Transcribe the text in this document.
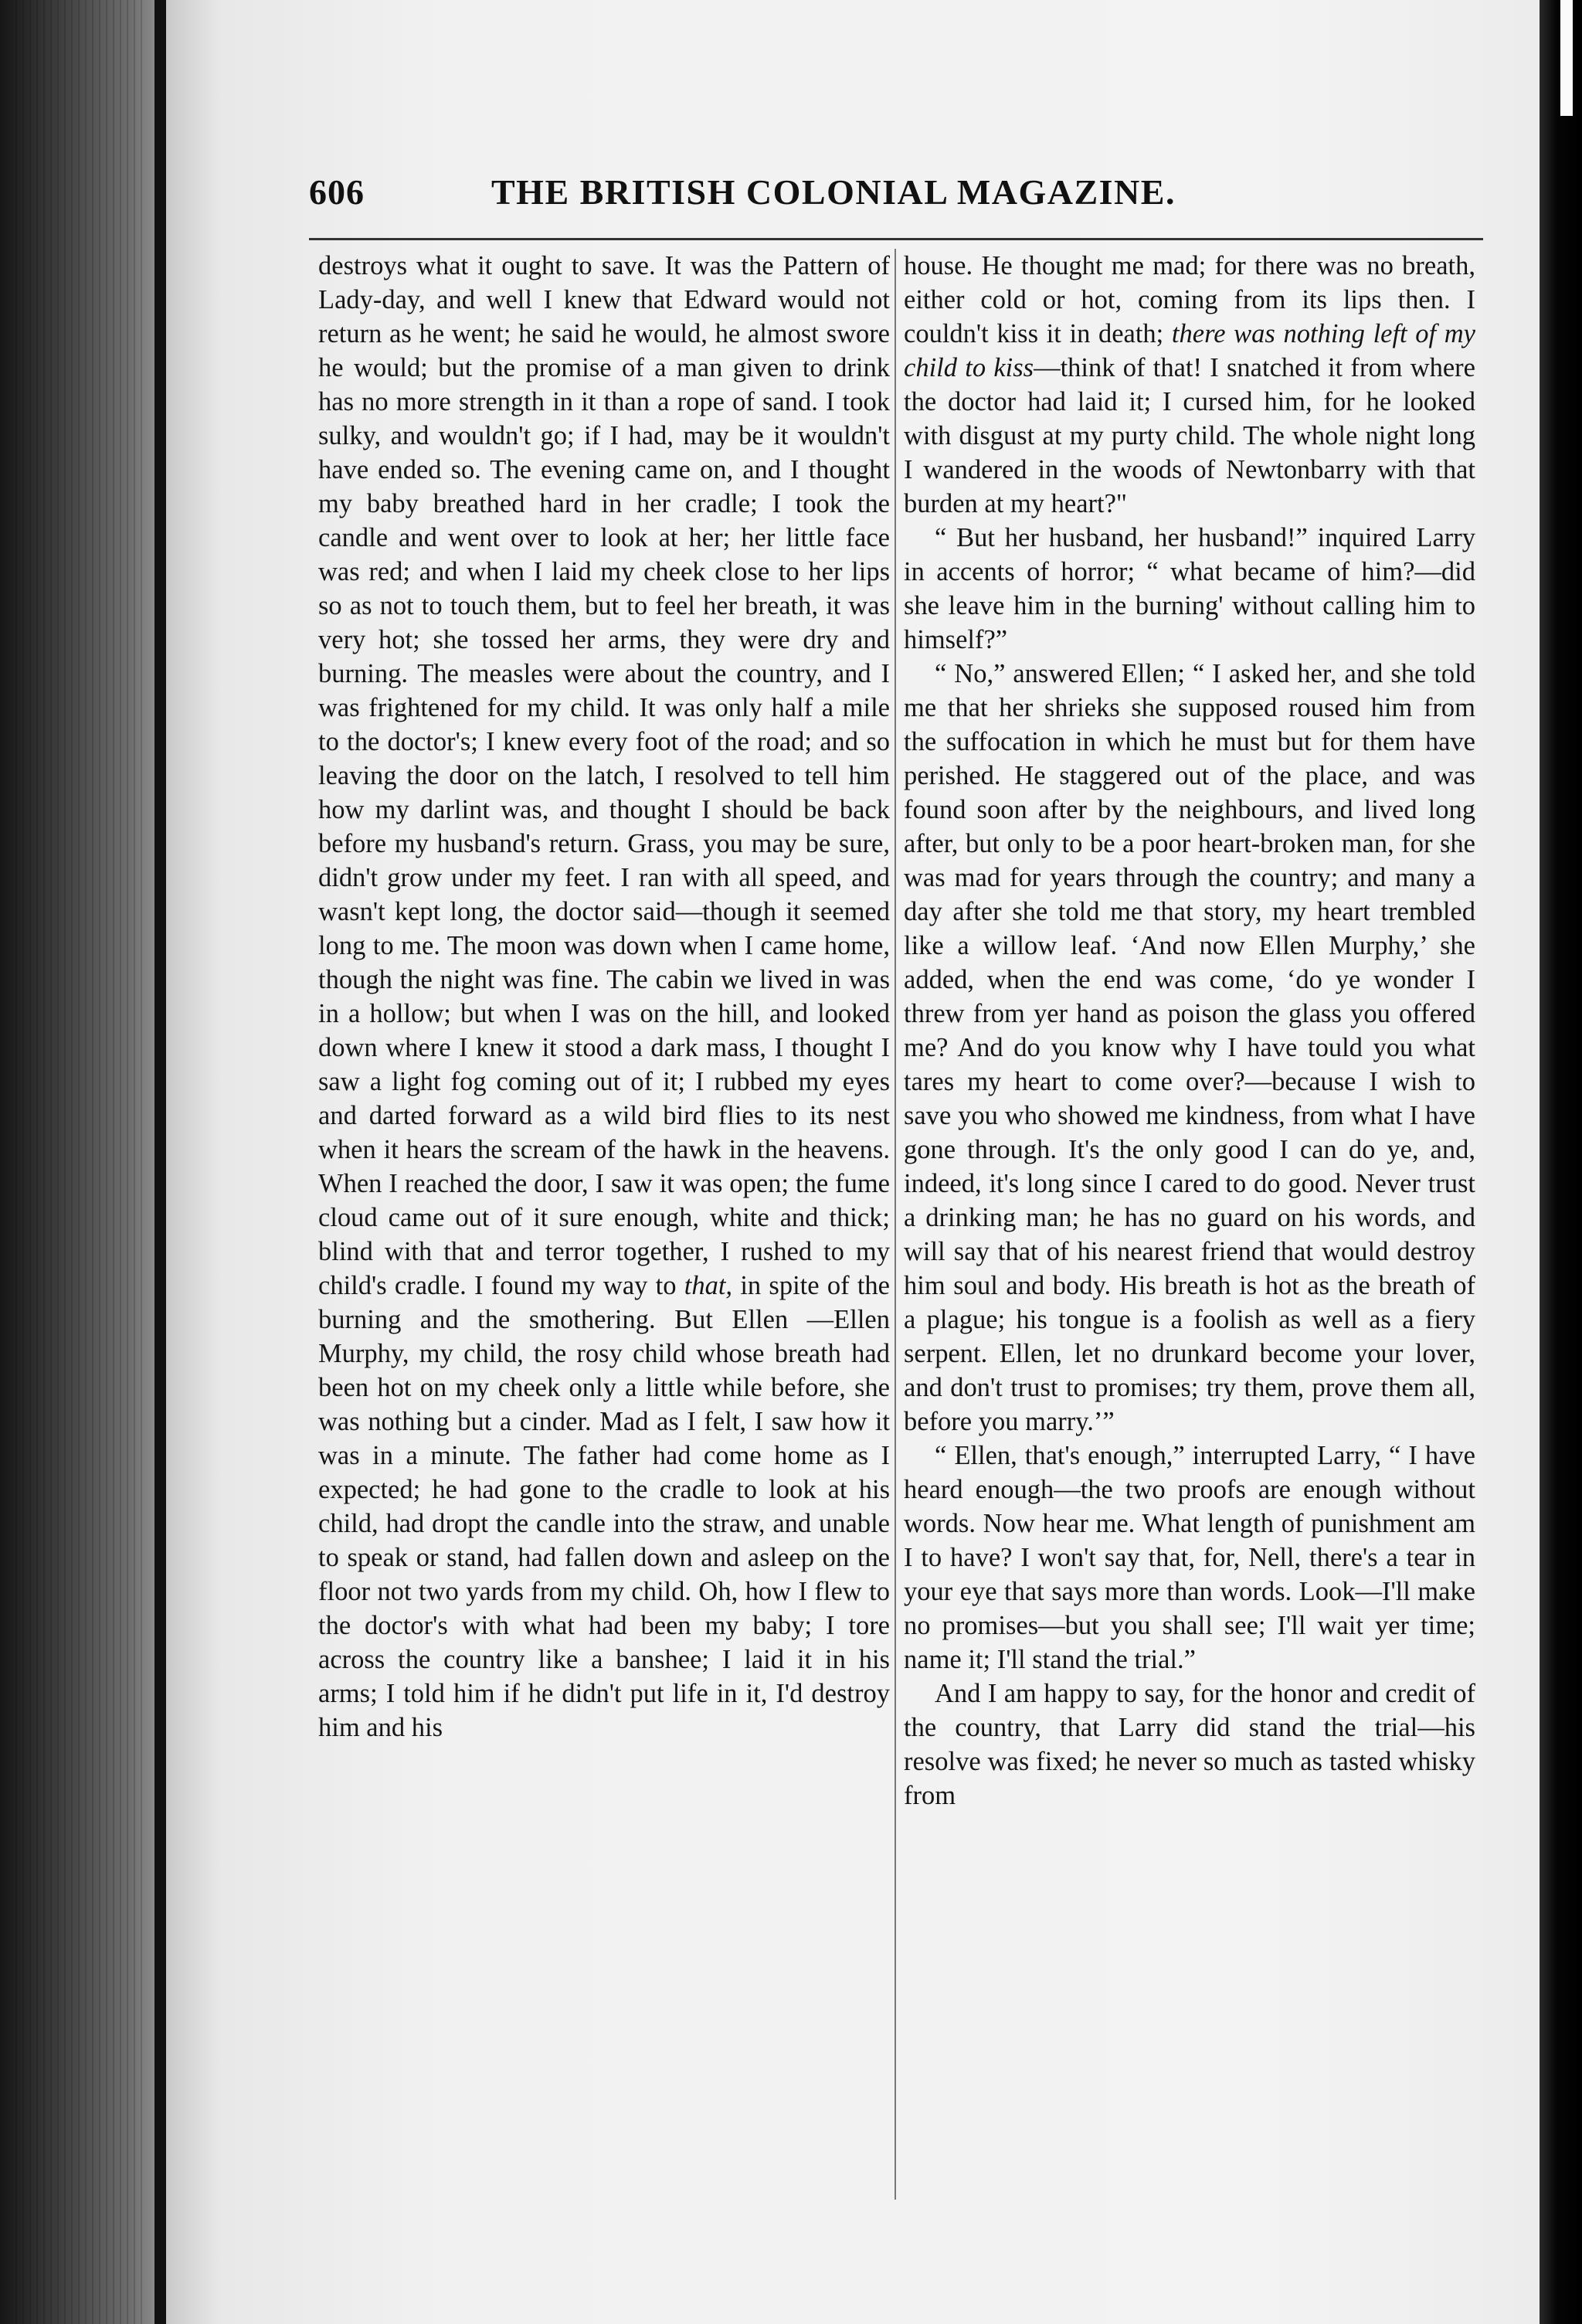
606	THE BRITISH COLONIAL MAGAZINE.

destroys what it ought to save. It was the Pattern of Lady-day, and well I knew that Edward would not return as he went; he said he would, he almost swore he would; but the promise of a man given to drink has no more strength in it than a rope of sand. I took sulky, and wouldn't go; if I had, may be it wouldn't have ended so. The evening came on, and I thought my baby breathed hard in her cradle; I took the candle and went over to look at her; her little face was red; and when I laid my cheek close to her lips so as not to touch them, but to feel her breath, it was very hot; she tossed her arms, they were dry and burning. The measles were about the country, and I was frightened for my child. It was only half a mile to the doctor's; I knew every foot of the road; and so leaving the door on the latch, I resolved to tell him how my darlint was, and thought I should be back before my husband's return. Grass, you may be sure, didn't grow under my feet. I ran with all speed, and wasn't kept long, the doctor said—though it seemed long to me. The moon was down when I came home, though the night was fine. The cabin we lived in was in a hollow; but when I was on the hill, and looked down where I knew it stood a dark mass, I thought I saw a light fog coming out of it; I rubbed my eyes and darted forward as a wild bird flies to its nest when it hears the scream of the hawk in the heavens. When I reached the door, I saw it was open; the fume cloud came out of it sure enough, white and thick; blind with that and terror together, I rushed to my child's cradle. I found my way to that, in spite of the burning and the smothering. But Ellen —Ellen Murphy, my child, the rosy child whose breath had been hot on my cheek only a little while before, she was nothing but a cinder. Mad as I felt, I saw how it was in a minute. The father had come home as I expected; he had gone to the cradle to look at his child, had dropt the candle into the straw, and unable to speak or stand, had fallen down and asleep on the floor not two yards from my child. Oh, how I flew to the doctor's with what had been my baby; I tore across the country like a banshee; I laid it in his arms; I told him if he didn't put life in it, I'd destroy him and his

house. He thought me mad; for there was no breath, either cold or hot, coming from its lips then. I couldn't kiss it in death; there was nothing left of my child to kiss—think of that! I snatched it from where the doctor had laid it; I cursed him, for he looked with disgust at my purty child. The whole night long I wandered in the woods of Newtonbarry with that burden at my heart?"

“ But her husband, her husband!” inquired Larry in accents of horror; “ what became of him?—did she leave him in the burning' without calling him to himself?”

“ No,” answered Ellen; “ I asked her, and she told me that her shrieks she supposed roused him from the suffocation in which he must but for them have perished. He staggered out of the place, and was found soon after by the neighbours, and lived long after, but only to be a poor heart-broken man, for she was mad for years through the country; and many a day after she told me that story, my heart trembled like a willow leaf. ‘And now Ellen Murphy,’ she added, when the end was come, ‘do ye wonder I threw from yer hand as poison the glass you offered me? And do you know why I have tould you what tares my heart to come over?—because I wish to save you who showed me kindness, from what I have gone through. It's the only good I can do ye, and, indeed, it's long since I cared to do good. Never trust a drinking man; he has no guard on his words, and will say that of his nearest friend that would destroy him soul and body. His breath is hot as the breath of a plague; his tongue is a foolish as well as a fiery serpent. Ellen, let no drunkard become your lover, and don't trust to promises; try them, prove them all, before you marry.’”

“ Ellen, that's enough,” interrupted Larry, “ I have heard enough—the two proofs are enough without words. Now hear me. What length of punishment am I to have? I won't say that, for, Nell, there's a tear in your eye that says more than words. Look—I'll make no promises—but you shall see; I'll wait yer time; name it; I'll stand the trial.”

And I am happy to say, for the honor and credit of the country, that Larry did stand the trial—his resolve was fixed; he never so much as tasted whisky from
